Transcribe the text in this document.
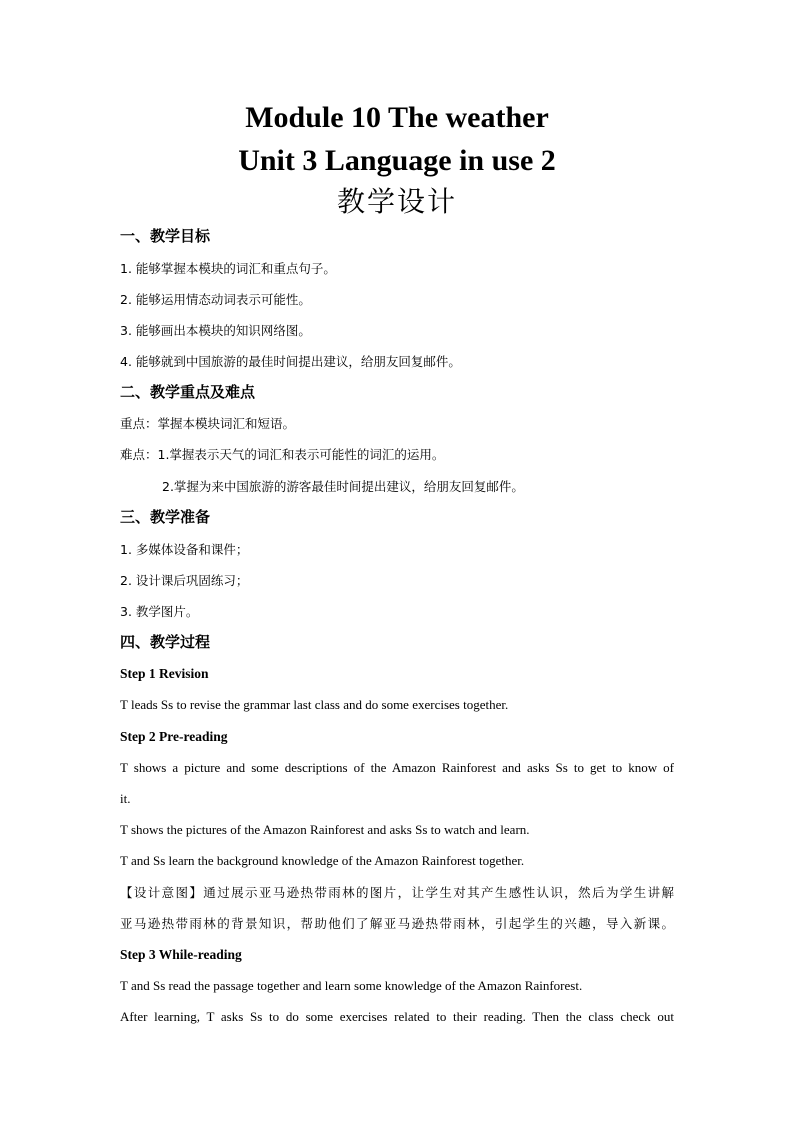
Module 10 The weather
Unit 3 Language in use 2
教学设计
一、教学目标
1. 能够掌握本模块的词汇和重点句子。
2. 能够运用情态动词表示可能性。
3. 能够画出本模块的知识网络图。
4. 能够就到中国旅游的最佳时间提出建议，给朋友回复邮件。
二、教学重点及难点
重点：掌握本模块词汇和短语。
难点：1.掌握表示天气的词汇和表示可能性的词汇的运用。
2.掌握为来中国旅游的游客最佳时间提出建议，给朋友回复邮件。
三、教学准备
1. 多媒体设备和课件；
2. 设计课后巩固练习；
3. 教学图片。
四、教学过程
Step 1 Revision
T leads Ss to revise the grammar last class and do some exercises together.
Step 2 Pre-reading
T shows a picture and some descriptions of the Amazon Rainforest and asks Ss to get to know of
it.
T shows the pictures of the Amazon Rainforest and asks Ss to watch and learn.
T and Ss learn the background knowledge of the Amazon Rainforest together.
【设计意图】通过展示亚马逊热带雨林的图片，让学生对其产生感性认识，然后为学生讲解
亚马逊热带雨林的背景知识，帮助他们了解亚马逊热带雨林，引起学生的兴趣，导入新课。
Step 3 While-reading
T and Ss read the passage together and learn some knowledge of the Amazon Rainforest.
After learning, T asks Ss to do some exercises related to their reading. Then the class check out
